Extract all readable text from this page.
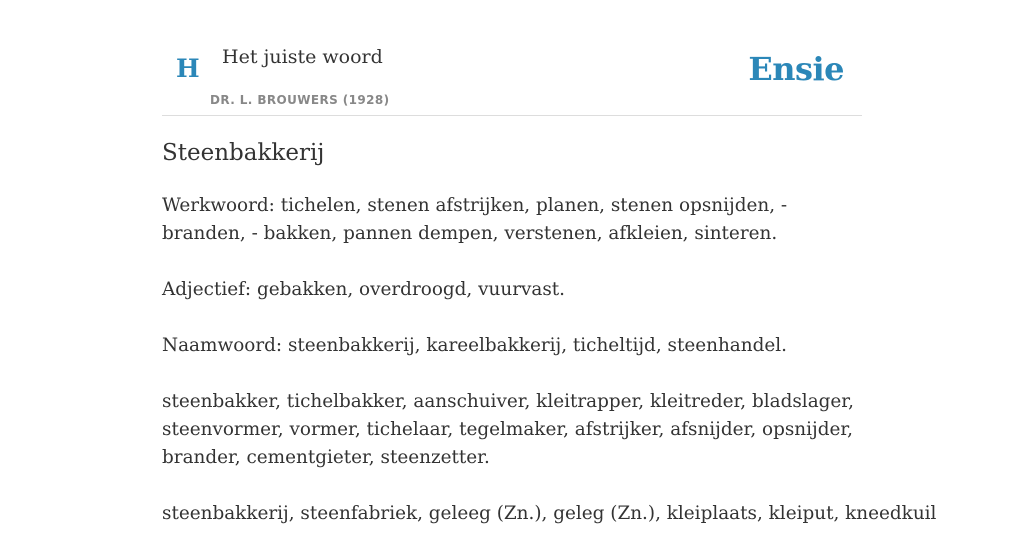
H Het juiste woord
DR. L. BROUWERS (1928)
Ensie
Steenbakkerij

Werkwoord: tichelen, stenen afstrijken, planen, stenen opsnijden, - branden, - bakken, pannen dempen, verstenen, afkleien, sinteren.

Adjectief: gebakken, overdroogd, vuurvast.

Naamwoord: steenbakkerij, kareelbakkerij, ticheltijd, steenhandel.

steenbakker, tichelbakker, aanschuiver, kleitrapper, kleitreder, bladslager, steenvormer, vormer, tichelaar, tegelmaker, afstrijker, afsnijder, opsnijder, brander, cementgieter, steenzetter.

steenbakkerij, steenfabriek, geleeg (Zn.), geleg (Zn.), kleiplaats, kleiput, kneedkuil
